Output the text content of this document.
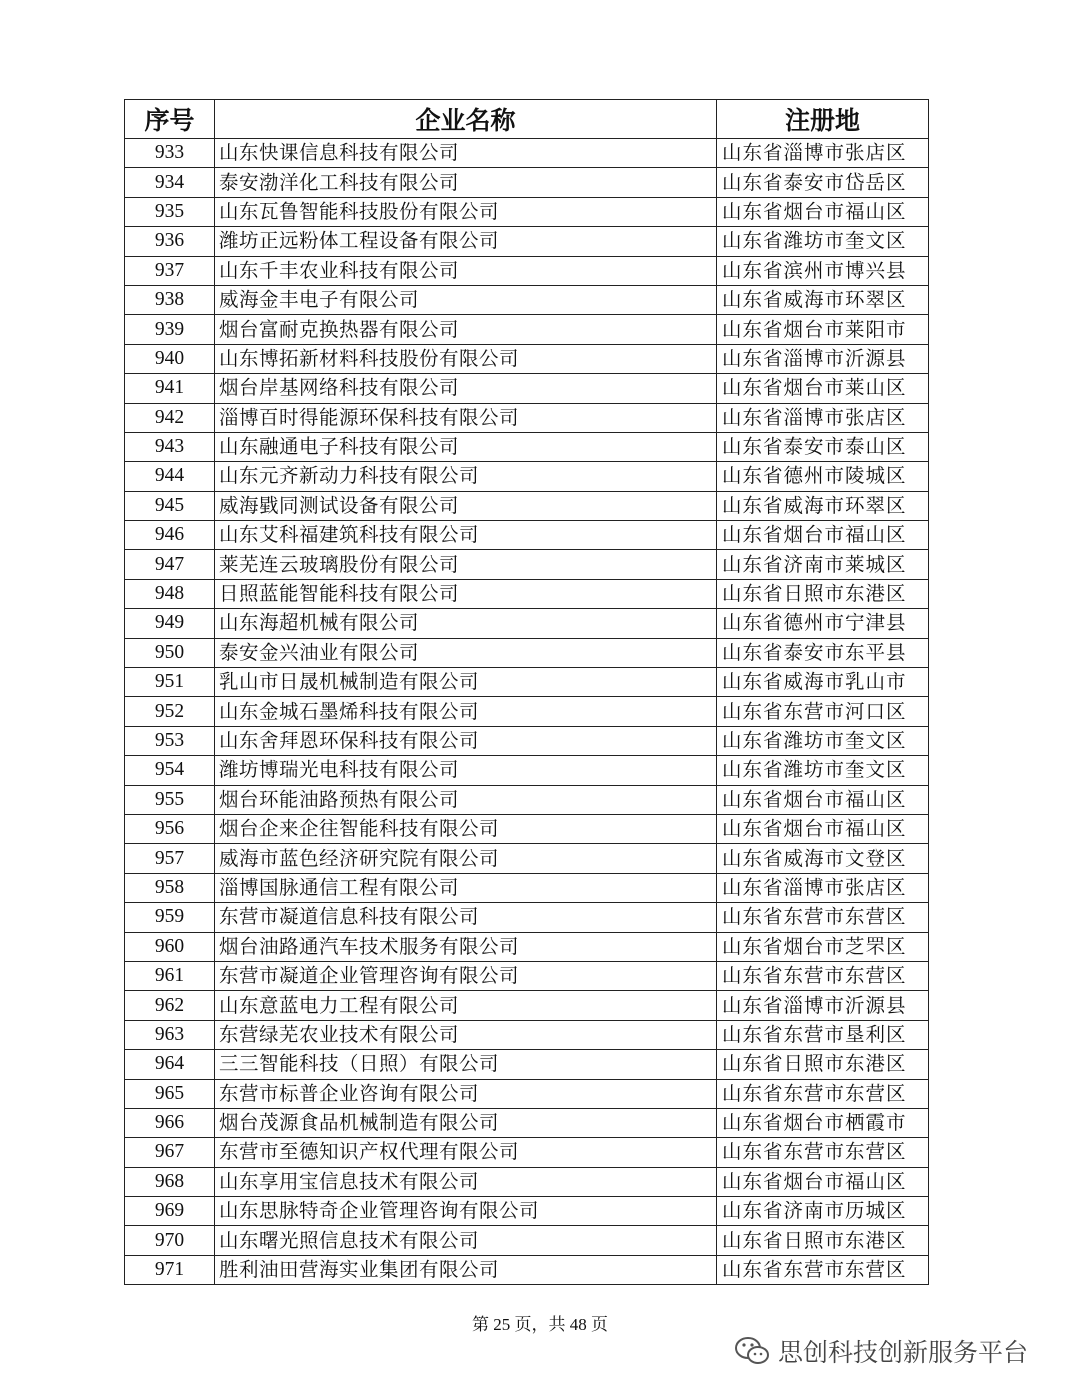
序号	企业名称	注册地
933	山东快课信息科技有限公司	山东省淄博市张店区
934	泰安渤洋化工科技有限公司	山东省泰安市岱岳区
935	山东瓦鲁智能科技股份有限公司	山东省烟台市福山区
936	潍坊正远粉体工程设备有限公司	山东省潍坊市奎文区
937	山东千丰农业科技有限公司	山东省滨州市博兴县
938	威海金丰电子有限公司	山东省威海市环翠区
939	烟台富耐克换热器有限公司	山东省烟台市莱阳市
940	山东博拓新材料科技股份有限公司	山东省淄博市沂源县
941	烟台岸基网络科技有限公司	山东省烟台市莱山区
942	淄博百时得能源环保科技有限公司	山东省淄博市张店区
943	山东融通电子科技有限公司	山东省泰安市泰山区
944	山东元齐新动力科技有限公司	山东省德州市陵城区
945	威海戥同测试设备有限公司	山东省威海市环翠区
946	山东艾科福建筑科技有限公司	山东省烟台市福山区
947	莱芜连云玻璃股份有限公司	山东省济南市莱城区
948	日照蓝能智能科技有限公司	山东省日照市东港区
949	山东海超机械有限公司	山东省德州市宁津县
950	泰安金兴油业有限公司	山东省泰安市东平县
951	乳山市日晟机械制造有限公司	山东省威海市乳山市
952	山东金城石墨烯科技有限公司	山东省东营市河口区
953	山东舍拜恩环保科技有限公司	山东省潍坊市奎文区
954	潍坊博瑞光电科技有限公司	山东省潍坊市奎文区
955	烟台环能油路预热有限公司	山东省烟台市福山区
956	烟台企来企往智能科技有限公司	山东省烟台市福山区
957	威海市蓝色经济研究院有限公司	山东省威海市文登区
958	淄博国脉通信工程有限公司	山东省淄博市张店区
959	东营市凝道信息科技有限公司	山东省东营市东营区
960	烟台油路通汽车技术服务有限公司	山东省烟台市芝罘区
961	东营市凝道企业管理咨询有限公司	山东省东营市东营区
962	山东意蓝电力工程有限公司	山东省淄博市沂源县
963	东营绿芜农业技术有限公司	山东省东营市垦利区
964	三三智能科技（日照）有限公司	山东省日照市东港区
965	东营市标普企业咨询有限公司	山东省东营市东营区
966	烟台茂源食品机械制造有限公司	山东省烟台市栖霞市
967	东营市至德知识产权代理有限公司	山东省东营市东营区
968	山东享用宝信息技术有限公司	山东省烟台市福山区
969	山东思脉特奇企业管理咨询有限公司	山东省济南市历城区
970	山东曙光照信息技术有限公司	山东省日照市东港区
971	胜利油田营海实业集团有限公司	山东省东营市东营区
第 25 页，共 48 页
思创科技创新服务平台
